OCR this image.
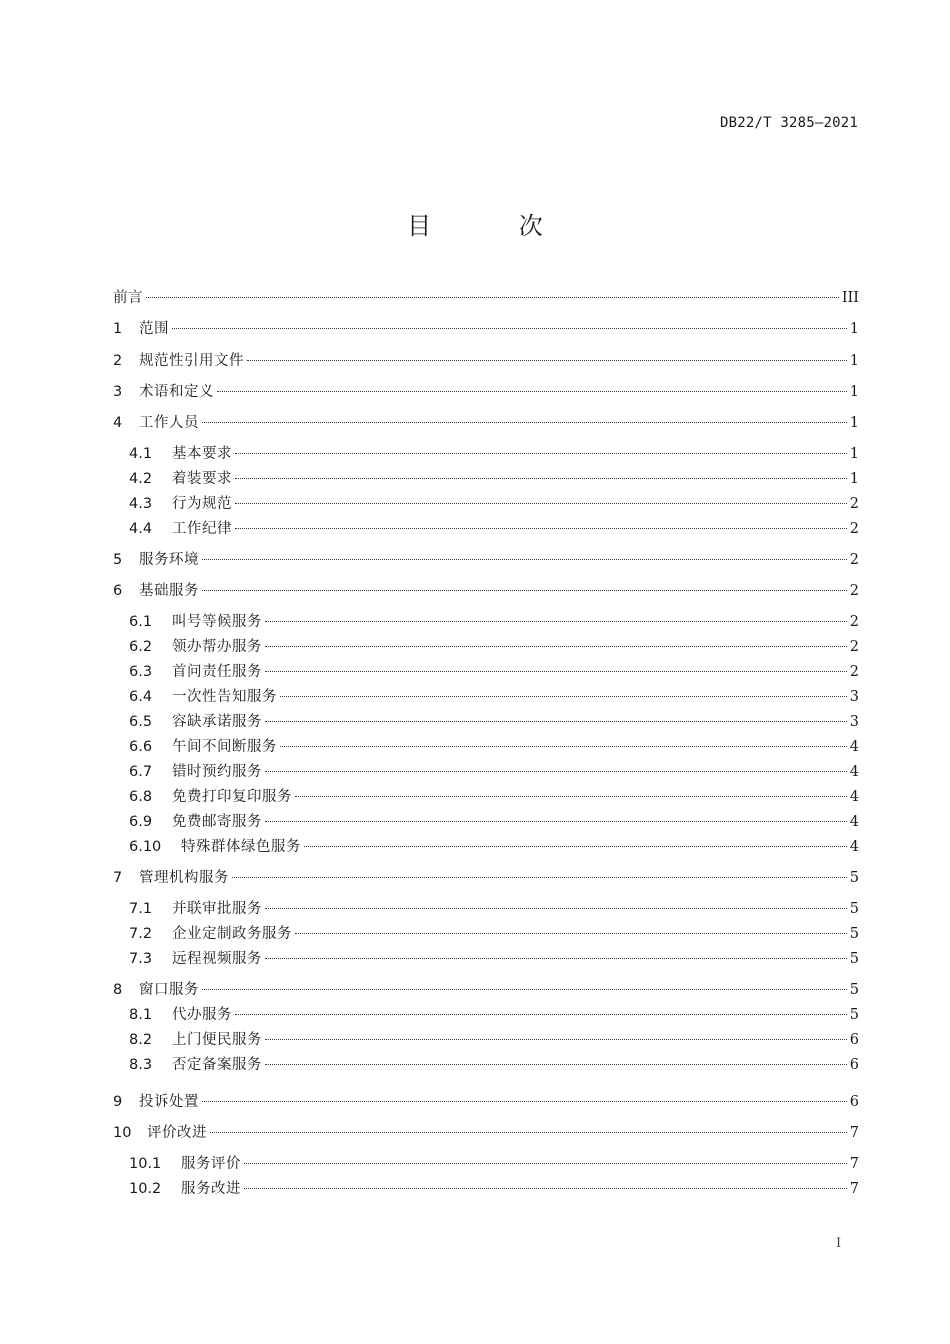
DB22/T 3285—2021
目 次
前言	III
1	范围	1
2	规范性引用文件	1
3	术语和定义	1
4	工作人员	1
4.1	基本要求	1
4.2	着装要求	1
4.3	行为规范	2
4.4	工作纪律	2
5	服务环境	2
6	基础服务	2
6.1	叫号等候服务	2
6.2	领办帮办服务	2
6.3	首问责任服务	2
6.4	一次性告知服务	3
6.5	容缺承诺服务	3
6.6	午间不间断服务	4
6.7	错时预约服务	4
6.8	免费打印复印服务	4
6.9	免费邮寄服务	4
6.10	特殊群体绿色服务	4
7	管理机构服务	5
7.1	并联审批服务	5
7.2	企业定制政务服务	5
7.3	远程视频服务	5
8	窗口服务	5
8.1	代办服务	5
8.2	上门便民服务	6
8.3	否定备案服务	6
9	投诉处置	6
10	评价改进	7
10.1	服务评价	7
10.2	服务改进	7
I
